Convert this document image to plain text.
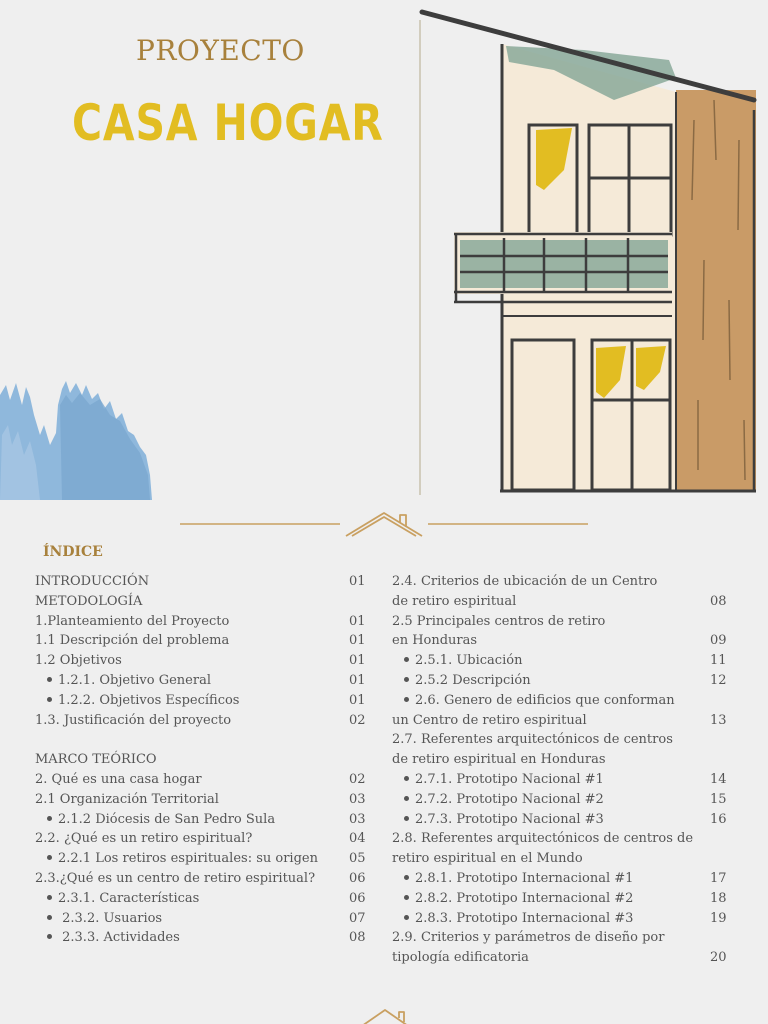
PROYECTO
CASA HOGAR
ÍNDICE
INTRODUCCIÓN	01
METODOLOGÍA
1.Planteamiento del Proyecto	01
1.1 Descripción del problema	01
1.2 Objetivos	01
1.2.1. Objetivo General	01
1.2.2. Objetivos Específicos	01
1.3. Justificación del proyecto	02
MARCO TEÓRICO
2. Qué es una casa hogar	02
2.1 Organización Territorial	03
2.1.2 Diócesis de San Pedro Sula	03
2.2. ¿Qué es un retiro espiritual?	04
2.2.1 Los retiros espirituales: su origen 05
2.3.¿Qué es un centro de retiro espiritual?	06
2.3.1. Características	06
2.3.2. Usuarios	07
2.3.3. Actividades	08
2.4. Criterios de ubicación de un Centro
de retiro espiritual	08
2.5 Principales centros de retiro
en Honduras	09
2.5.1. Ubicación	11
2.5.2 Descripción	12
2.6. Genero de edificios que conforman
un Centro de retiro espiritual	13
2.7. Referentes arquitectónicos de centros
de retiro espiritual en Honduras
2.7.1. Prototipo Nacional #1	14
2.7.2. Prototipo Nacional #2	15
2.7.3. Prototipo Nacional #3	16
2.8. Referentes arquitectónicos de centros de
retiro espiritual en el Mundo
2.8.1. Prototipo Internacional #1	17
2.8.2. Prototipo Internacional #2	18
2.8.3. Prototipo Internacional #3	19
2.9. Criterios y parámetros de diseño por
tipología edificatoria	20
